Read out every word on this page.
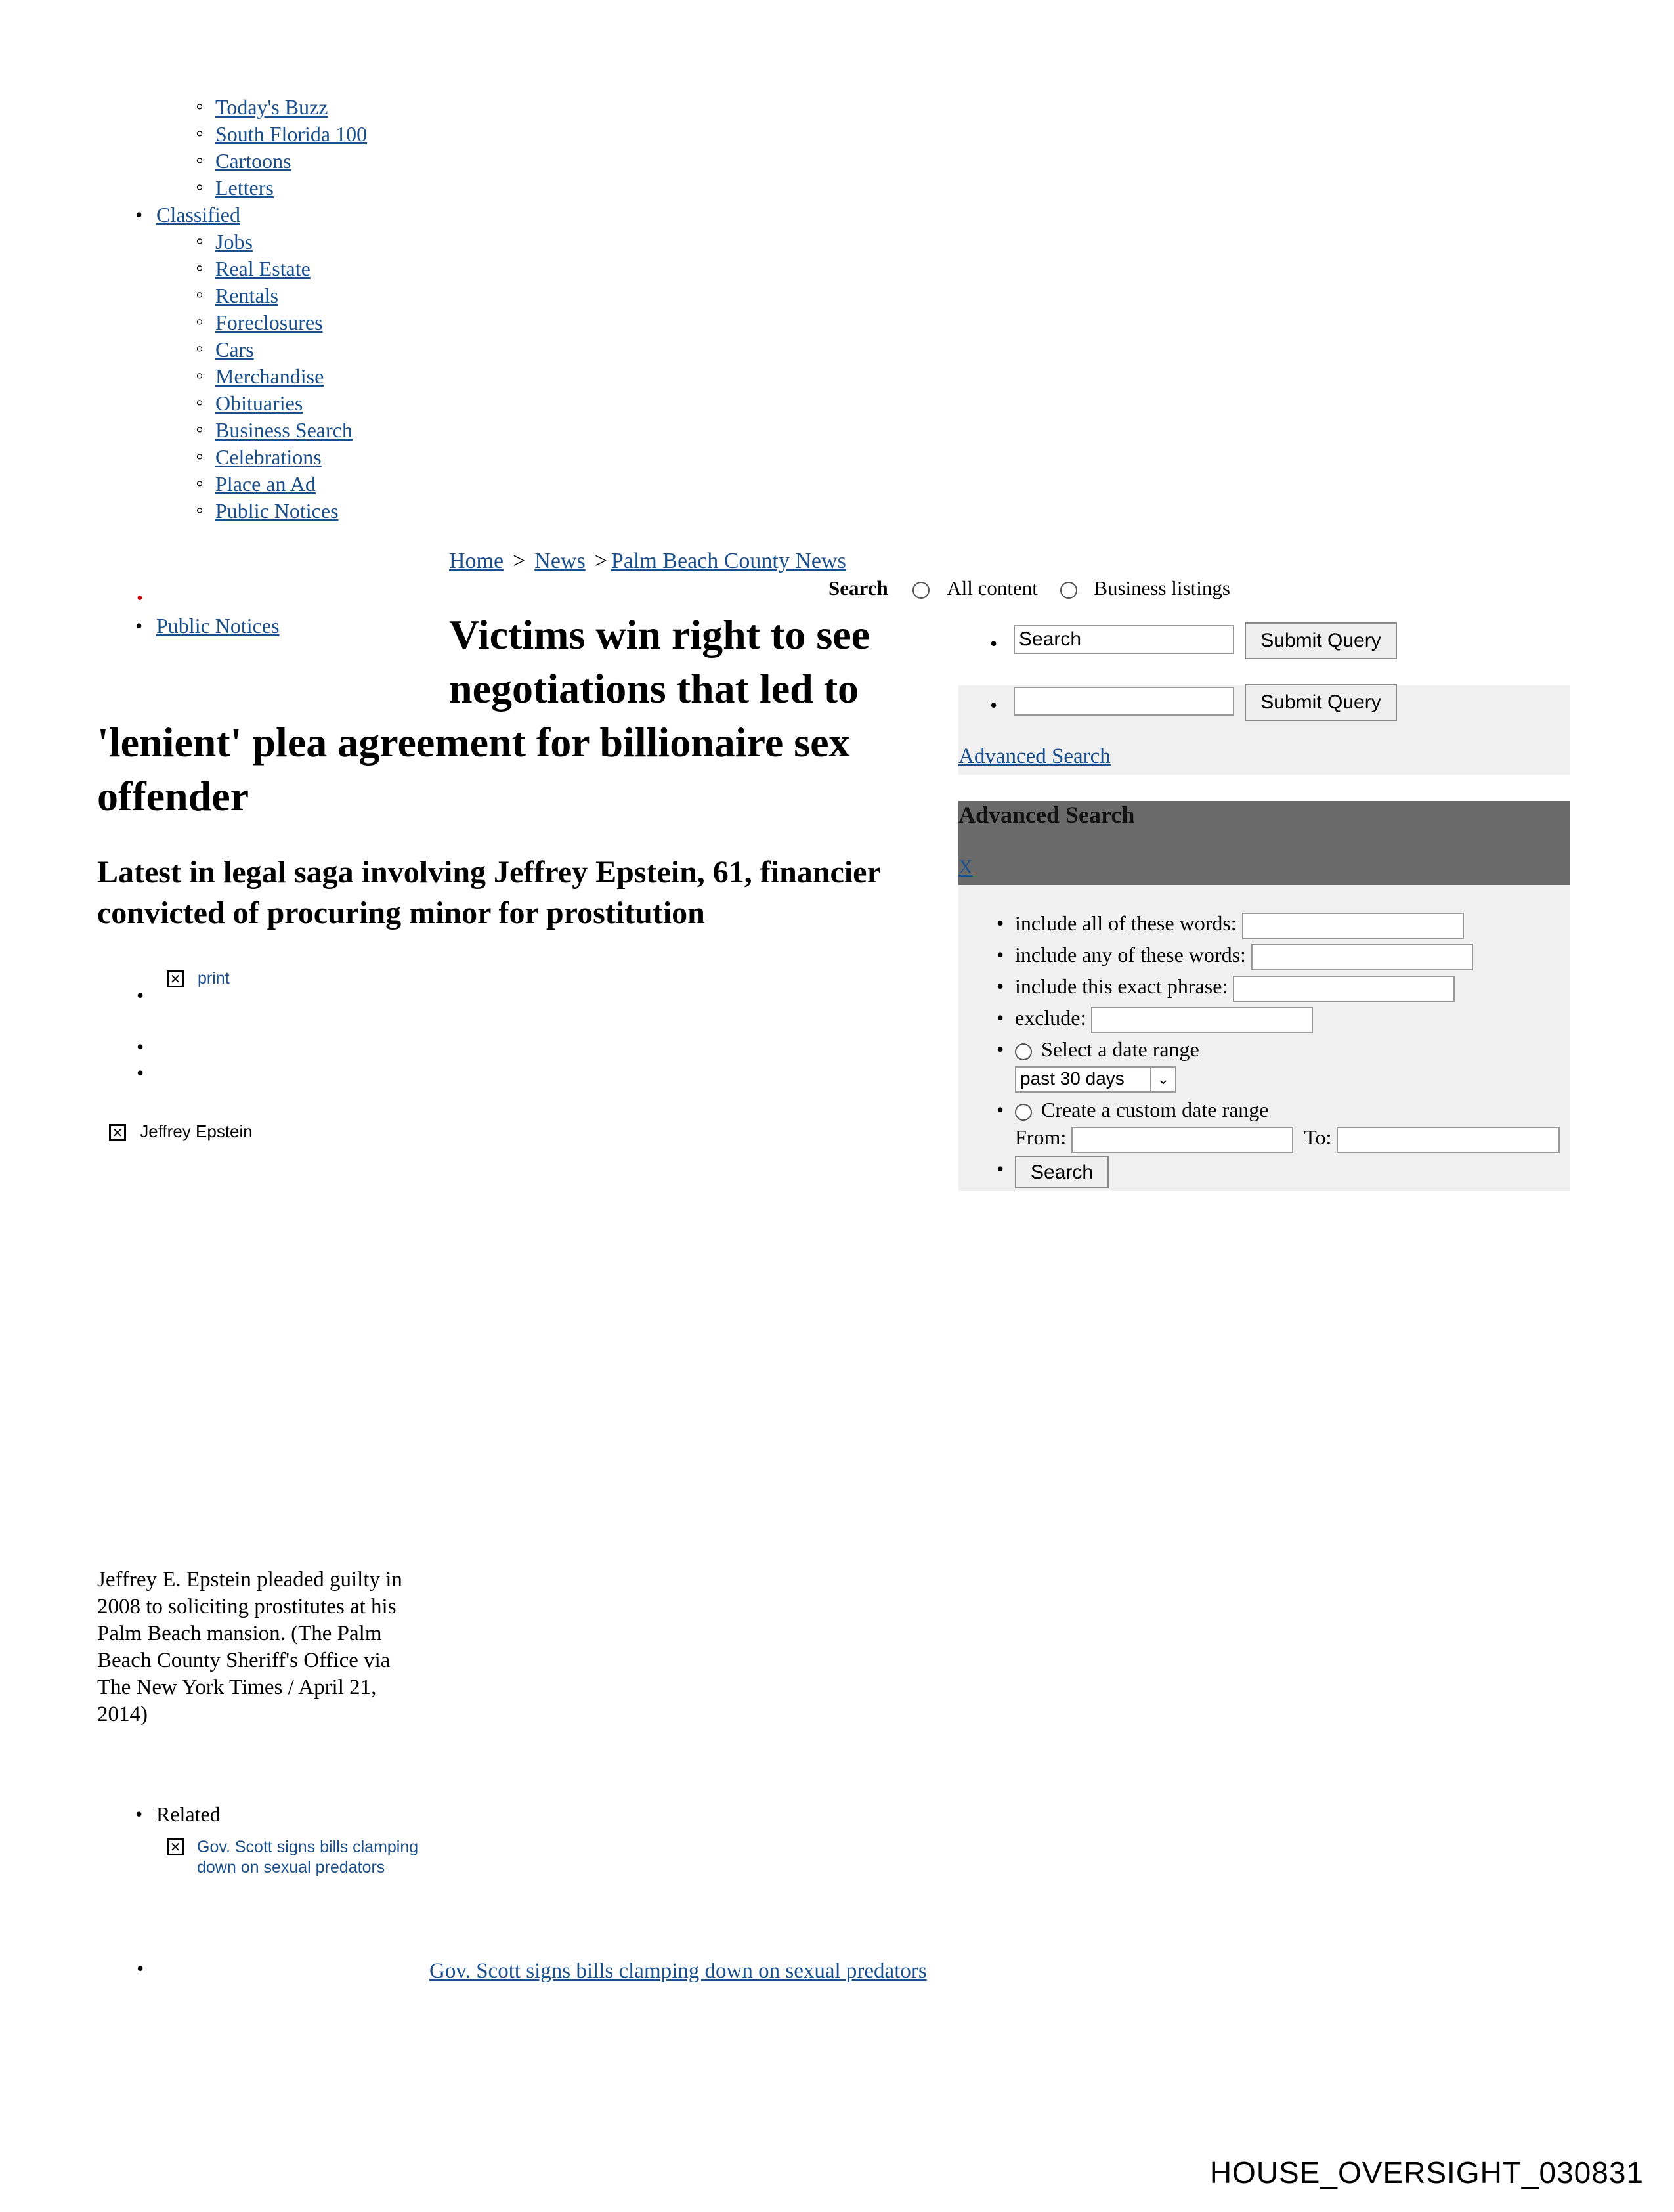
◦ Today's Buzz
◦ South Florida 100
◦ Cartoons
◦ Letters
• Classified
◦ Jobs
◦ Real Estate
◦ Rentals
◦ Foreclosures
◦ Cars
◦ Merchandise
◦ Obituaries
◦ Business Search
◦ Celebrations
◦ Place an Ad
◦ Public Notices
•
• Public Notices
Home > News > Palm Beach County News
Search	All content	Business listings
Victims win right to see negotiations that led to
'lenient' plea agreement for billionaire sex offender
Latest in legal saga involving Jeffrey Epstein, 61, financier convicted of procuring minor for prostitution
• Search	Submit Query
•	Submit Query
Advanced Search
Advanced Search
X
• include all of these words:
• include any of these words:
• include this exact phrase:
• exclude:
• Select a date range
past 30 days	⌄
• Create a custom date range
From:	To:
• Search
•
✕ print
•
•
✕ Jeffrey Epstein
Jeffrey E. Epstein pleaded guilty in 2008 to soliciting prostitutes at his Palm Beach mansion. (The Palm Beach County Sheriff's Office via The New York Times / April 21, 2014)
• Related
✕ Gov. Scott signs bills clamping down on sexual predators
•	Gov. Scott signs bills clamping down on sexual predators
HOUSE_OVERSIGHT_030831
